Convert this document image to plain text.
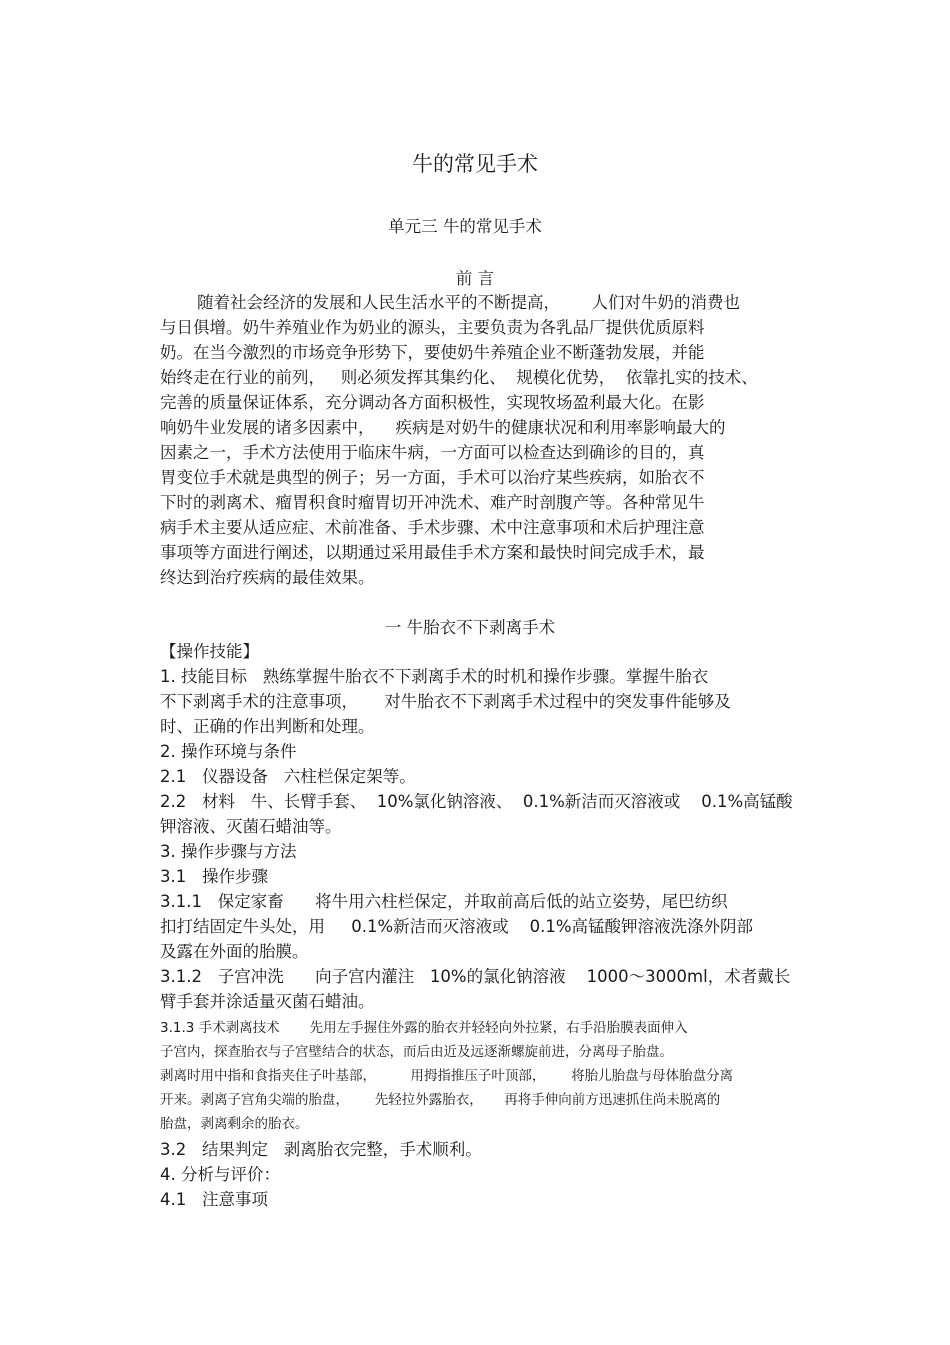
牛的常见手术
单元三 牛的常见手术
前 言
随着社会经济的发展和人民生活水平的不断提高，      人们对牛奶的消费也
与日俱增。奶牛养殖业作为奶业的源头，主要负责为各乳品厂提供优质原料
奶。在当今激烈的市场竞争形势下，要使奶牛养殖企业不断蓬勃发展，并能
始终走在行业的前列，   则必须发挥其集约化、  规模化优势，  依靠扎实的技术、
完善的质量保证体系，充分调动各方面积极性，实现牧场盈利最大化。在影
响奶牛业发展的诸多因素中，    疾病是对奶牛的健康状况和利用率影响最大的
因素之一，手术方法使用于临床牛病，一方面可以检查达到确诊的目的，真
胃变位手术就是典型的例子；另一方面，手术可以治疗某些疾病，如胎衣不
下时的剥离术、瘤胃积食时瘤胃切开冲洗术、难产时剖腹产等。各种常见牛
病手术主要从适应症、术前准备、手术步骤、术中注意事项和术后护理注意
事项等方面进行阐述，以期通过采用最佳手术方案和最快时间完成手术，最
终达到治疗疾病的最佳效果。
一 牛胎衣不下剥离手术
【操作技能】
1. 技能目标   熟练掌握牛胎衣不下剥离手术的时机和操作步骤。掌握牛胎衣
不下剥离手术的注意事项，     对牛胎衣不下剥离手术过程中的突发事件能够及
时、正确的作出判断和处理。
2. 操作环境与条件
2.1   仪器设备   六柱栏保定架等。
2.2   材料   牛、长臂手套、  10%氯化钠溶液、  0.1%新洁而灭溶液或    0.1%高锰酸
钾溶液、灭菌石蜡油等。
3. 操作步骤与方法
3.1   操作步骤
3.1.1   保定家畜      将牛用六柱栏保定，并取前高后低的站立姿势，尾巴纺织
扣打结固定牛头处，用     0.1%新洁而灭溶液或    0.1%高锰酸钾溶液洗涤外阴部
及露在外面的胎膜。
3.1.2   子宫冲洗      向子宫内灌注   10%的氯化钠溶液    1000～3000ml，术者戴长
臂手套并涂适量灭菌石蜡油。
3.1.3 手术剥离技术       先用左手握住外露的胎衣并轻轻向外拉紧，右手沿胎膜表面伸入
子宫内，探查胎衣与子宫壁结合的状态，而后由近及远逐渐螺旋前进，分离母子胎盘。
剥离时用中指和食指夹住子叶基部，        用拇指推压子叶顶部，      将胎儿胎盘与母体胎盘分离
开来。剥离子宫角尖端的胎盘，      先轻拉外露胎衣，     再将手伸向前方迅速抓住尚未脱离的
胎盘，剥离剩余的胎衣。
3.2   结果判定   剥离胎衣完整，手术顺利。
4. 分析与评价：
4.1   注意事项
